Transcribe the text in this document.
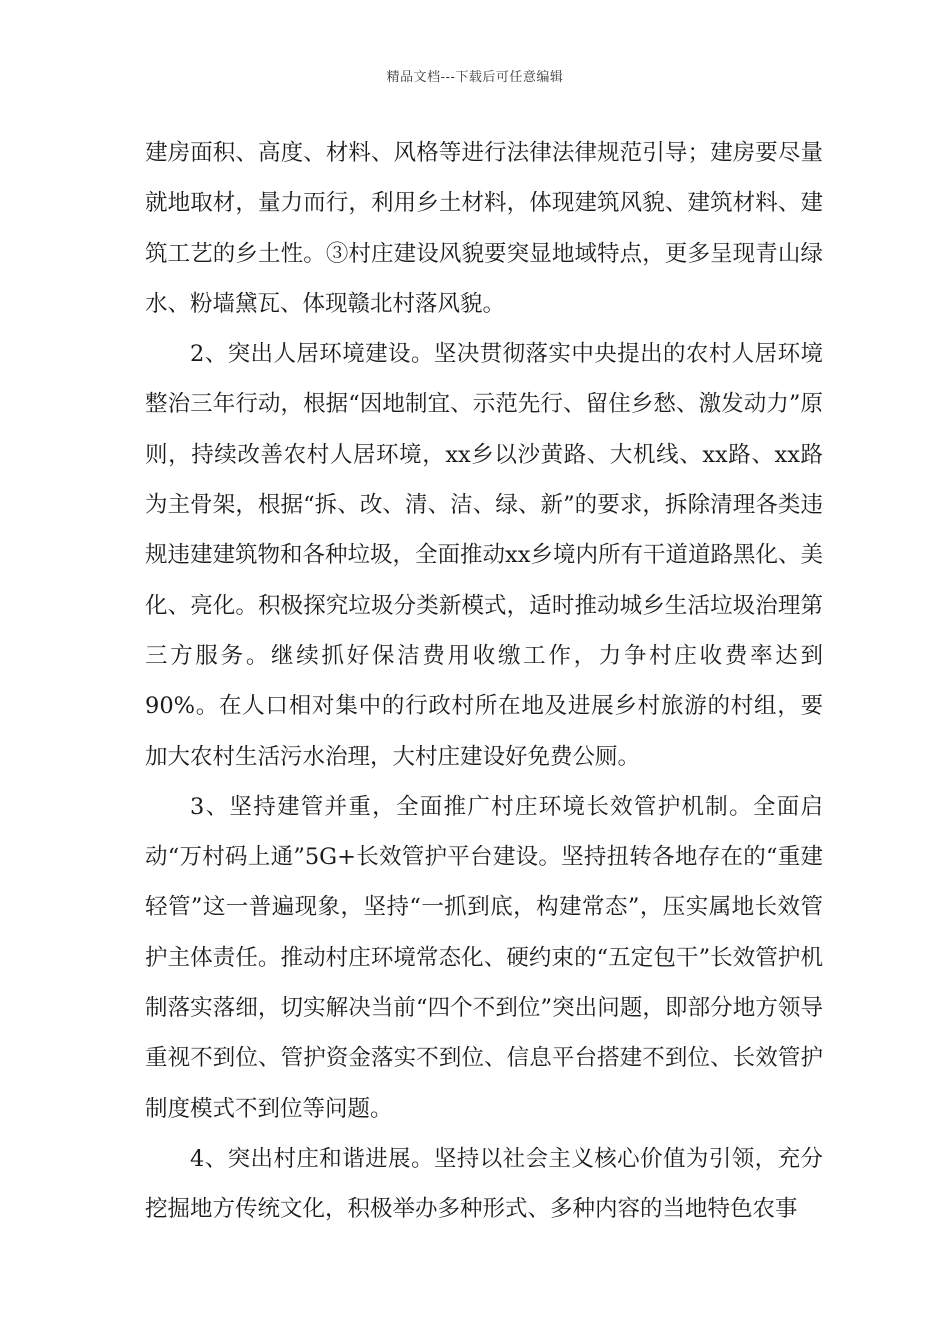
精品文档---下载后可任意编辑

建房面积、高度、材料、风格等进行法律法律规范引导；建房要尽量就地取材，量力而行，利用乡土材料，体现建筑风貌、建筑材料、建筑工艺的乡土性。③村庄建设风貌要突显地域特点，更多呈现青山绿水、粉墙黛瓦、体现赣北村落风貌。

2、突出人居环境建设。坚决贯彻落实中央提出的农村人居环境整治三年行动，根据“因地制宜、示范先行、留住乡愁、激发动力”原则，持续改善农村人居环境，xx乡以沙黄路、大机线、xx路、xx路为主骨架，根据“拆、改、清、洁、绿、新”的要求，拆除清理各类违规违建建筑物和各种垃圾，全面推动xx乡境内所有干道道路黑化、美化、亮化。积极探究垃圾分类新模式，适时推动城乡生活垃圾治理第三方服务。继续抓好保洁费用收缴工作，力争村庄收费率达到90%。在人口相对集中的行政村所在地及进展乡村旅游的村组，要加大农村生活污水治理，大村庄建设好免费公厕。

3、坚持建管并重，全面推广村庄环境长效管护机制。全面启动“万村码上通”5G+长效管护平台建设。坚持扭转各地存在的“重建轻管”这一普遍现象，坚持“一抓到底，构建常态”，压实属地长效管护主体责任。推动村庄环境常态化、硬约束的“五定包干”长效管护机制落实落细，切实解决当前“四个不到位”突出问题，即部分地方领导重视不到位、管护资金落实不到位、信息平台搭建不到位、长效管护制度模式不到位等问题。

4、突出村庄和谐进展。坚持以社会主义核心价值为引领，充分挖掘地方传统文化，积极举办多种形式、多种内容的当地特色农事
